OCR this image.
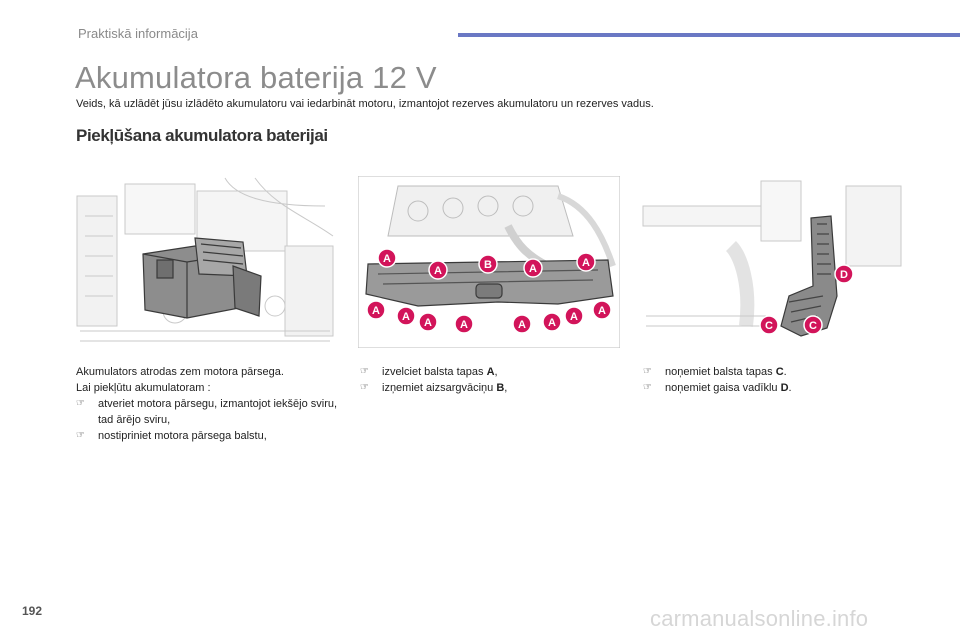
Praktiskā informācija
Akumulatora baterija 12 V
Veids, kā uzlādēt jūsu izlādēto akumulatoru vai iedarbināt motoru, izmantojot rezerves akumulatoru un rezerves vadus.
Piekļūšana akumulatora baterijai
A
A	B	A	A
A A A	A	A A A A
D
C	C

Akumulators atrodas zem motora pārsega.

Lai piekļūtu akumulatoram :

☞ atveriet motora pārsegu, izmantojot iekšējo sviru, tad ārējo sviru,

☞ nostipriniet motora pārsega balstu,

☞ izvelciet balsta tapas A,

☞ izņemiet aizsargvāciņu B,

☞ noņemiet balsta tapas C.

☞ noņemiet gaisa vadīklu D.

192	carmanualsonline.info
